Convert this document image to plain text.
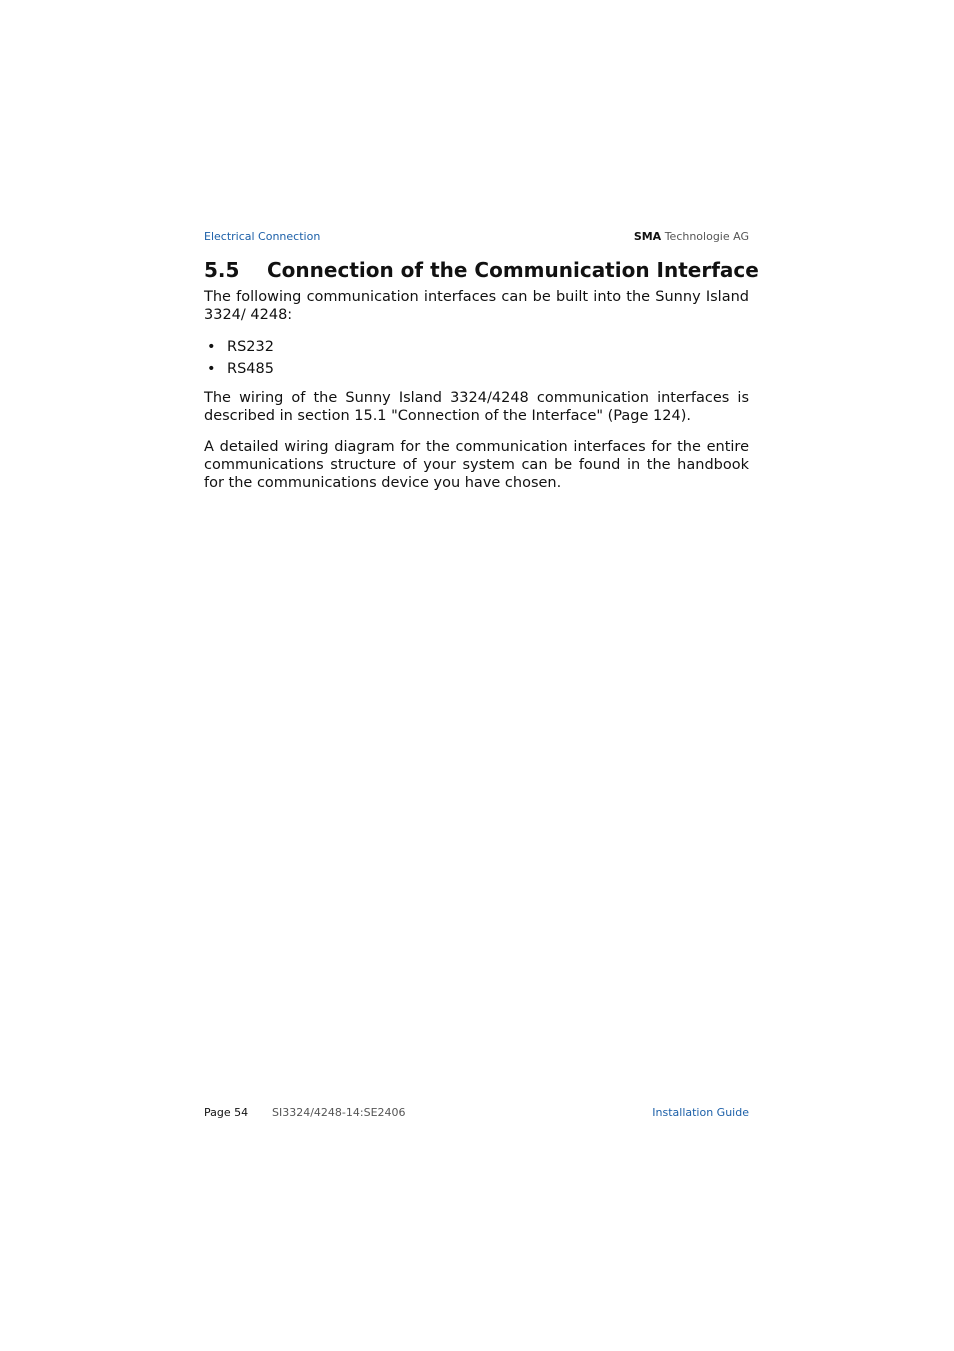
Electrical Connection	SMA Technologie AG
5.5 Connection of the Communication Interface

The following communication interfaces can be built into the Sunny Island 3324/ 4248:

• RS232
• RS485

The wiring of the Sunny Island 3324/4248 communication interfaces is described in section 15.1 "Connection of the Interface" (Page 124).

A detailed wiring diagram for the communication interfaces for the entire communications structure of your system can be found in the handbook for the communications device you have chosen.

Page 54 SI3324/4248-14:SE2406	Installation Guide
